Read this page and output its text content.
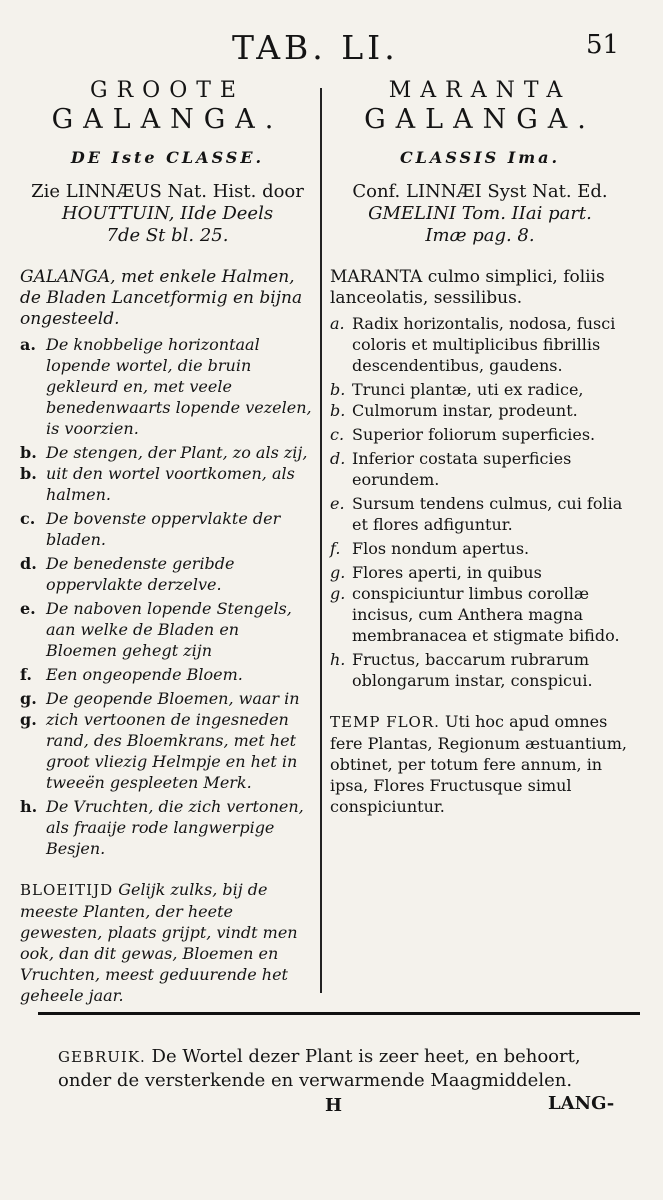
TAB. LI.	51
GROOTE
GALANGA.
DE Iste CLASSE.
Zie LINNÆUS Nat. Hist. door
HOUTTUIN, IIde Deels
7de St bl. 25.
GALANGA, met enkele Halmen, de Bladen Lancetformig en bijna ongesteeld.
a. De knobbelige horizontaal lopende wortel, die bruin gekleurd en, met veele benedenwaarts lopende vezelen, is voorzien.
b. b.
De stengen, der Plant, zo als zij, uit den wortel voortkomen, als halmen.
c. De bovenste oppervlakte der bladen.
d. De benedenste geribde oppervlakte derzelve.
e. De naboven lopende Stengels, aan welke de Bladen en Bloemen gehegt zijn
f. Een ongeopende Bloem.
g. g.
De geopende Bloemen, waar in zich vertoonen de ingesneden rand, des Bloemkrans, met het groot vliezig Helmpje en het in tweeën gespleeten Merk.
h. De Vruchten, die zich vertonen, als fraaije rode langwerpige Besjen.
BLOEITIJD Gelijk zulks, bij de meeste Planten, der heete gewesten, plaats grijpt, vindt men ook, dan dit gewas, Bloemen en Vruchten, meest geduurende het geheele jaar.
MARANTA
GALANGA.
CLASSIS Ima.
Conf. LINNÆI Syst Nat. Ed.
GMELINI Tom. IIai part.
Imæ pag. 8.
MARANTA culmo simplici, foliis lanceolatis, sessilibus.
a. Radix horizontalis, nodosa, fusci coloris et multiplicibus fibrillis descendentibus, gaudens.
b. b.
Trunci plantæ, uti ex radice, Culmorum instar, prodeunt.
c. Superior foliorum superficies.
d. Inferior costata superficies eorundem.
e. Sursum tendens culmus, cui folia et flores adfiguntur.
f. Flos nondum apertus.
g. g.
Flores aperti, in quibus conspiciuntur limbus corollæ incisus, cum Anthera magna membranacea et stigmate bifido.
h. Fructus, baccarum rubrarum oblongarum instar, conspicui.
TEMP FLOR. Uti hoc apud omnes fere Plantas, Regionum æstuantium, obtinet, per totum fere annum, in ipsa, Flores Fructusque simul conspiciuntur.
GEBRUIK. De Wortel dezer Plant is zeer heet, en behoort, onder de versterkende en verwarmende Maagmiddelen.
H	LANG-
